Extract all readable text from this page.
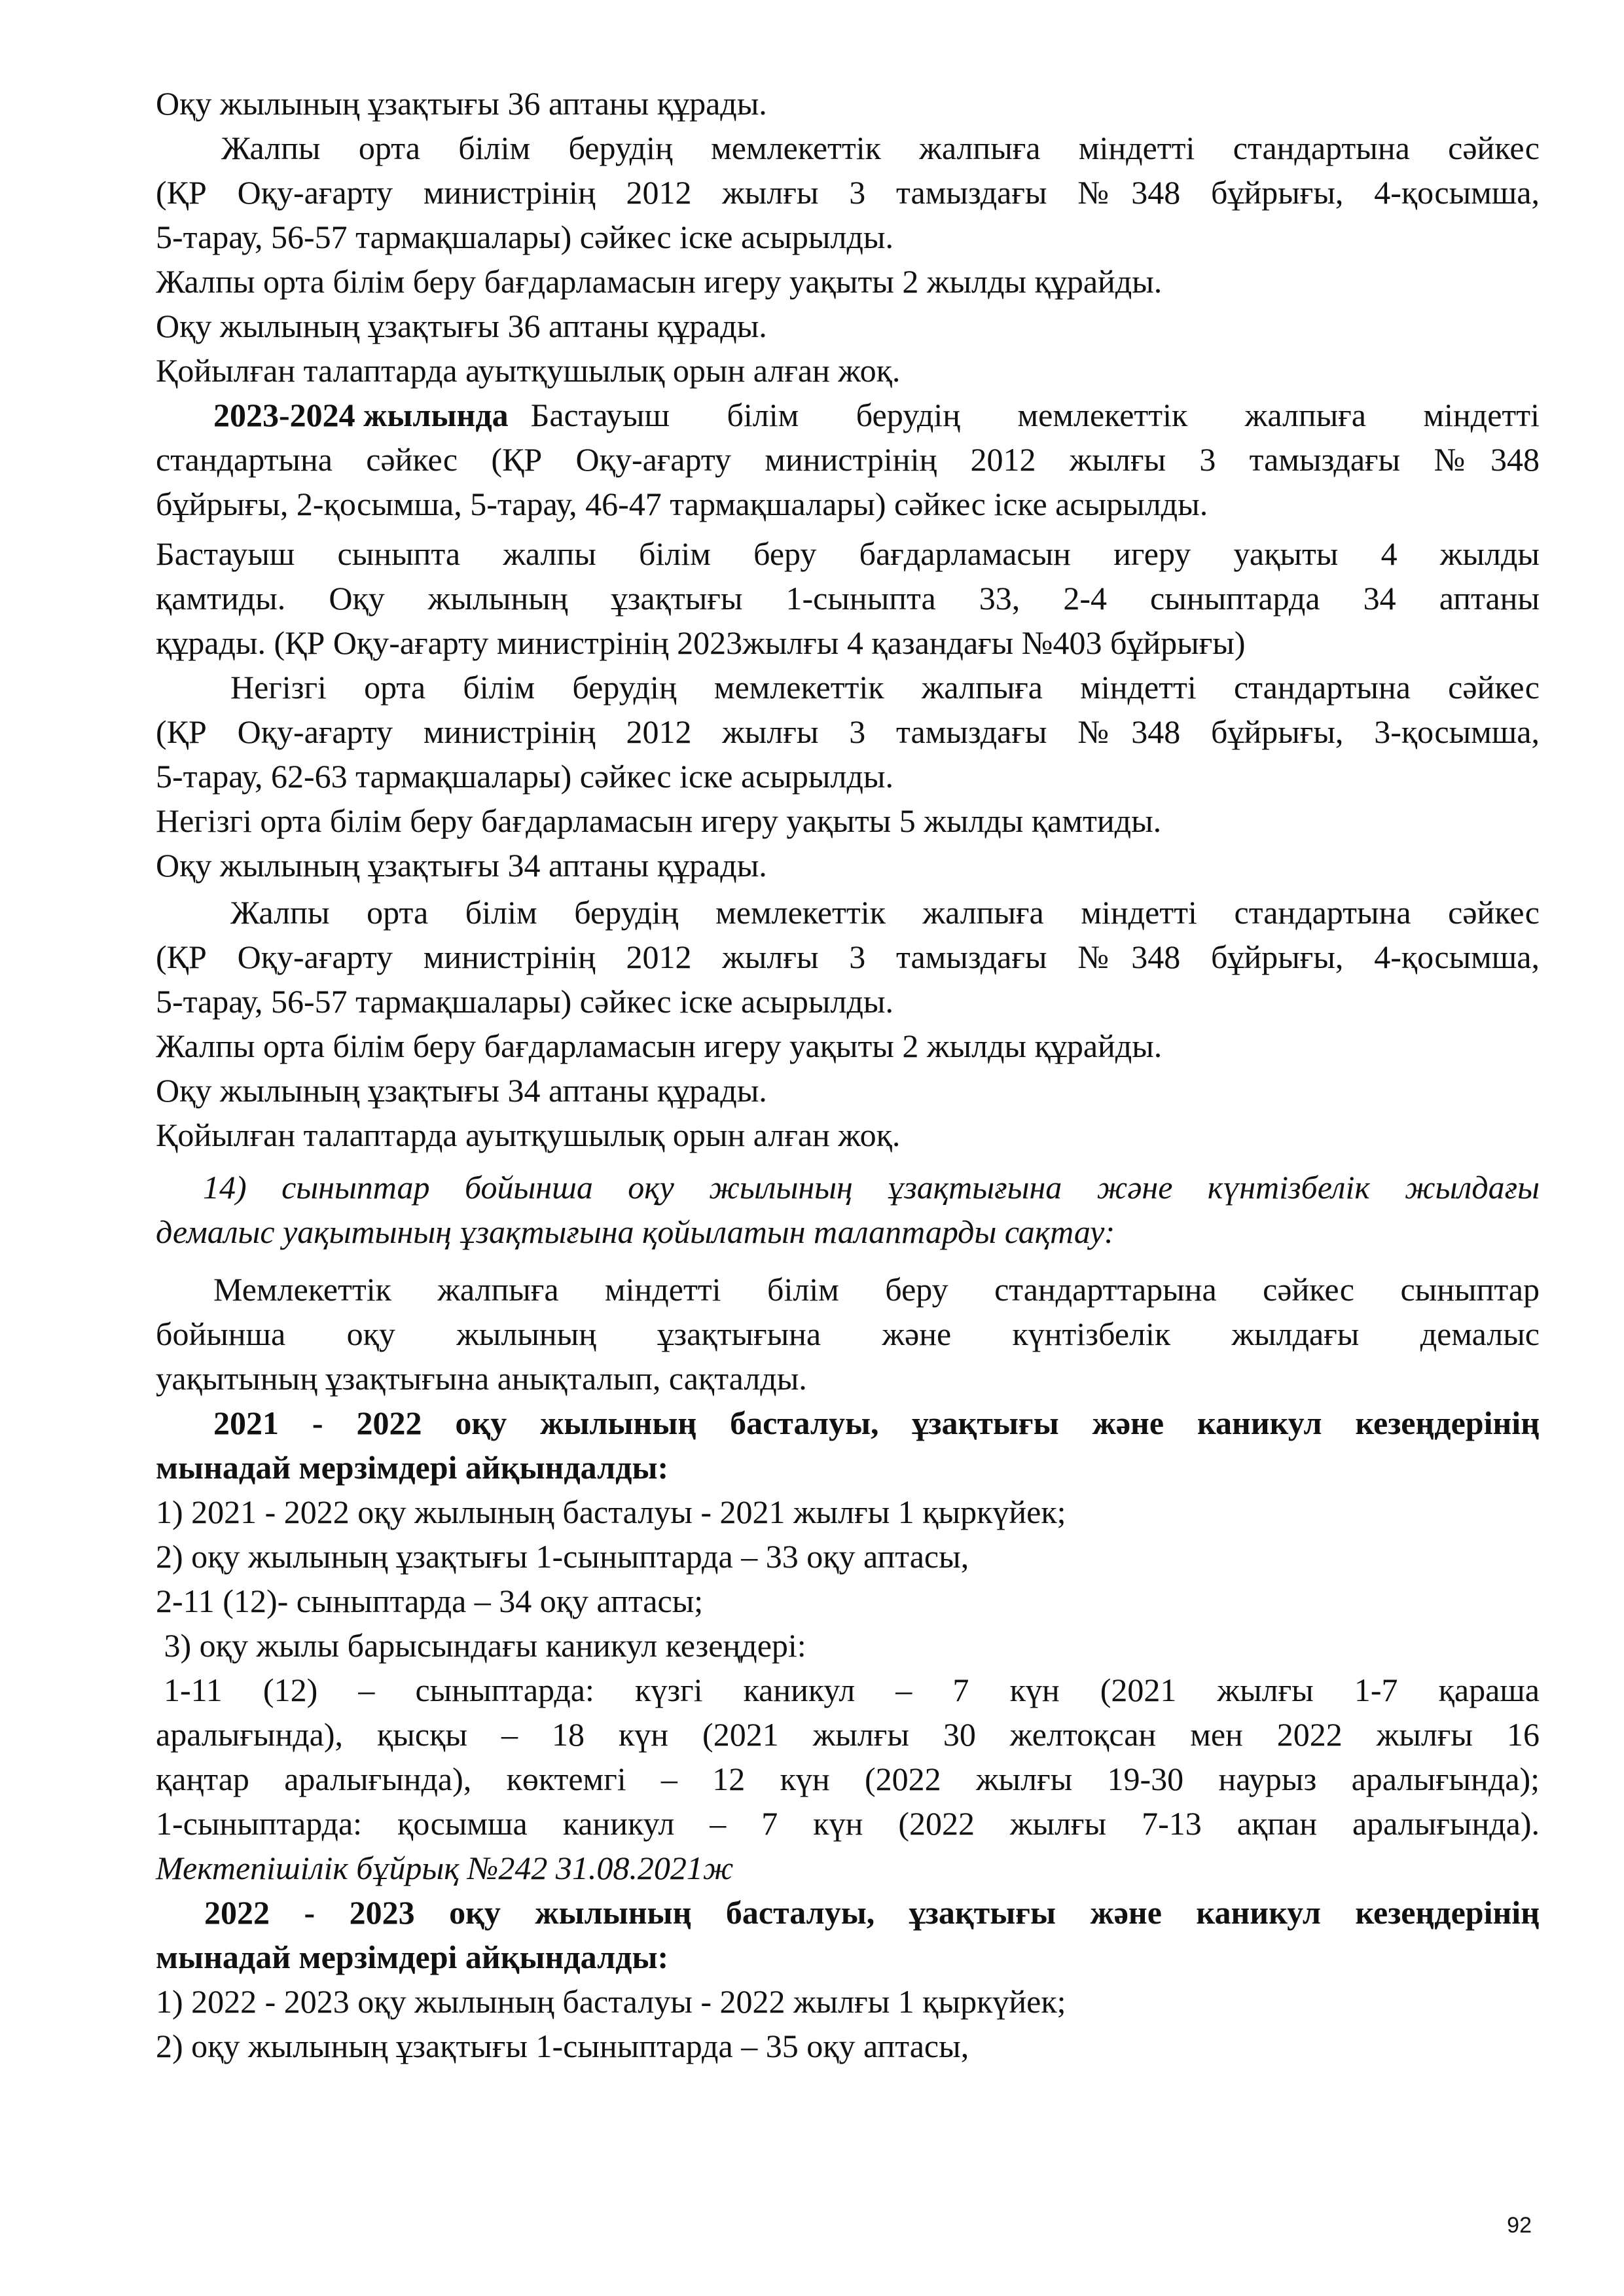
Оқу жылының ұзақтығы 36 аптаны құрады.
Жалпы орта білім берудің мемлекеттік жалпыға міндетті стандартына сәйкес
(ҚР Оқу-ағарту министрінің 2012 жылғы 3 тамыздағы №348 бұйрығы, 4-қосымша,
5-тарау, 56-57 тармақшалары) сәйкес іске асырылды.
Жалпы орта білім беру бағдарламасын игеру уақыты 2 жылды құрайды.
Оқу жылының ұзақтығы 36 аптаны құрады.
Қойылған талаптарда ауытқушылық орын алған жоқ.
2023-2024 жылында Бастауыш білім берудің мемлекеттік жалпыға міндетті
стандартына сәйкес (ҚР Оқу-ағарту министрінің 2012 жылғы 3 тамыздағы №348
бұйрығы, 2-қосымша, 5-тарау, 46-47 тармақшалары) сәйкес іске асырылды.
Бастауыш сыныпта жалпы білім беру бағдарламасын игеру уақыты 4 жылды
қамтиды. Оқу жылының ұзақтығы 1-сыныпта 33, 2-4 сыныптарда 34 аптаны
құрады. (ҚР Оқу-ағарту министрінің 2023жылғы 4 қазандағы №403 бұйрығы)
Негізгі орта білім берудің мемлекеттік жалпыға міндетті стандартына сәйкес
(ҚР Оқу-ағарту министрінің 2012 жылғы 3 тамыздағы №348 бұйрығы, 3-қосымша,
5-тарау, 62-63 тармақшалары) сәйкес іске асырылды.
Негізгі орта білім беру бағдарламасын игеру уақыты 5 жылды қамтиды.
Оқу жылының ұзақтығы 34 аптаны құрады.
Жалпы орта білім берудің мемлекеттік жалпыға міндетті стандартына сәйкес
(ҚР Оқу-ағарту министрінің 2012 жылғы 3 тамыздағы №348 бұйрығы, 4-қосымша,
5-тарау, 56-57 тармақшалары) сәйкес іске асырылды.
Жалпы орта білім беру бағдарламасын игеру уақыты 2 жылды құрайды.
Оқу жылының ұзақтығы 34 аптаны құрады.
Қойылған талаптарда ауытқушылық орын алған жоқ.
14) сыныптар бойынша оқу жылының ұзақтығына және күнтізбелік жылдағы
демалыс уақытының ұзақтығына қойылатын талаптарды сақтау:
Мемлекеттік жалпыға міндетті білім беру стандарттарына сәйкес сыныптар
бойынша оқу жылының ұзақтығына және күнтізбелік жылдағы демалыс
уақытының ұзақтығына анықталып, сақталды.
2021 - 2022 оқу жылының басталуы, ұзақтығы және каникул кезеңдерінің
мынадай мерзімдері айқындалды:
1) 2021 - 2022 оқу жылының басталуы - 2021 жылғы 1 қыркүйек;
2) оқу жылының ұзақтығы 1-сыныптарда – 33 оқу аптасы,
2-11 (12)- сыныптарда – 34 оқу аптасы;
3) оқу жылы барысындағы каникул кезеңдері:
1-11 (12) – сыныптарда: күзгі каникул – 7 күн (2021 жылғы 1-7 қараша
аралығында), қысқы – 18 күн (2021 жылғы 30 желтоқсан мен 2022 жылғы 16
қаңтар аралығында), көктемгі – 12 күн (2022 жылғы 19-30 наурыз аралығында);
1-сыныптарда: қосымша каникул – 7 күн (2022 жылғы 7-13 ақпан аралығында).
Мектепішілік бұйрық №242 31.08.2021ж
2022 - 2023 оқу жылының басталуы, ұзақтығы және каникул кезеңдерінің
мынадай мерзімдері айқындалды:
1) 2022 - 2023 оқу жылының басталуы - 2022 жылғы 1 қыркүйек;
2) оқу жылының ұзақтығы 1-сыныптарда – 35 оқу аптасы,
92
